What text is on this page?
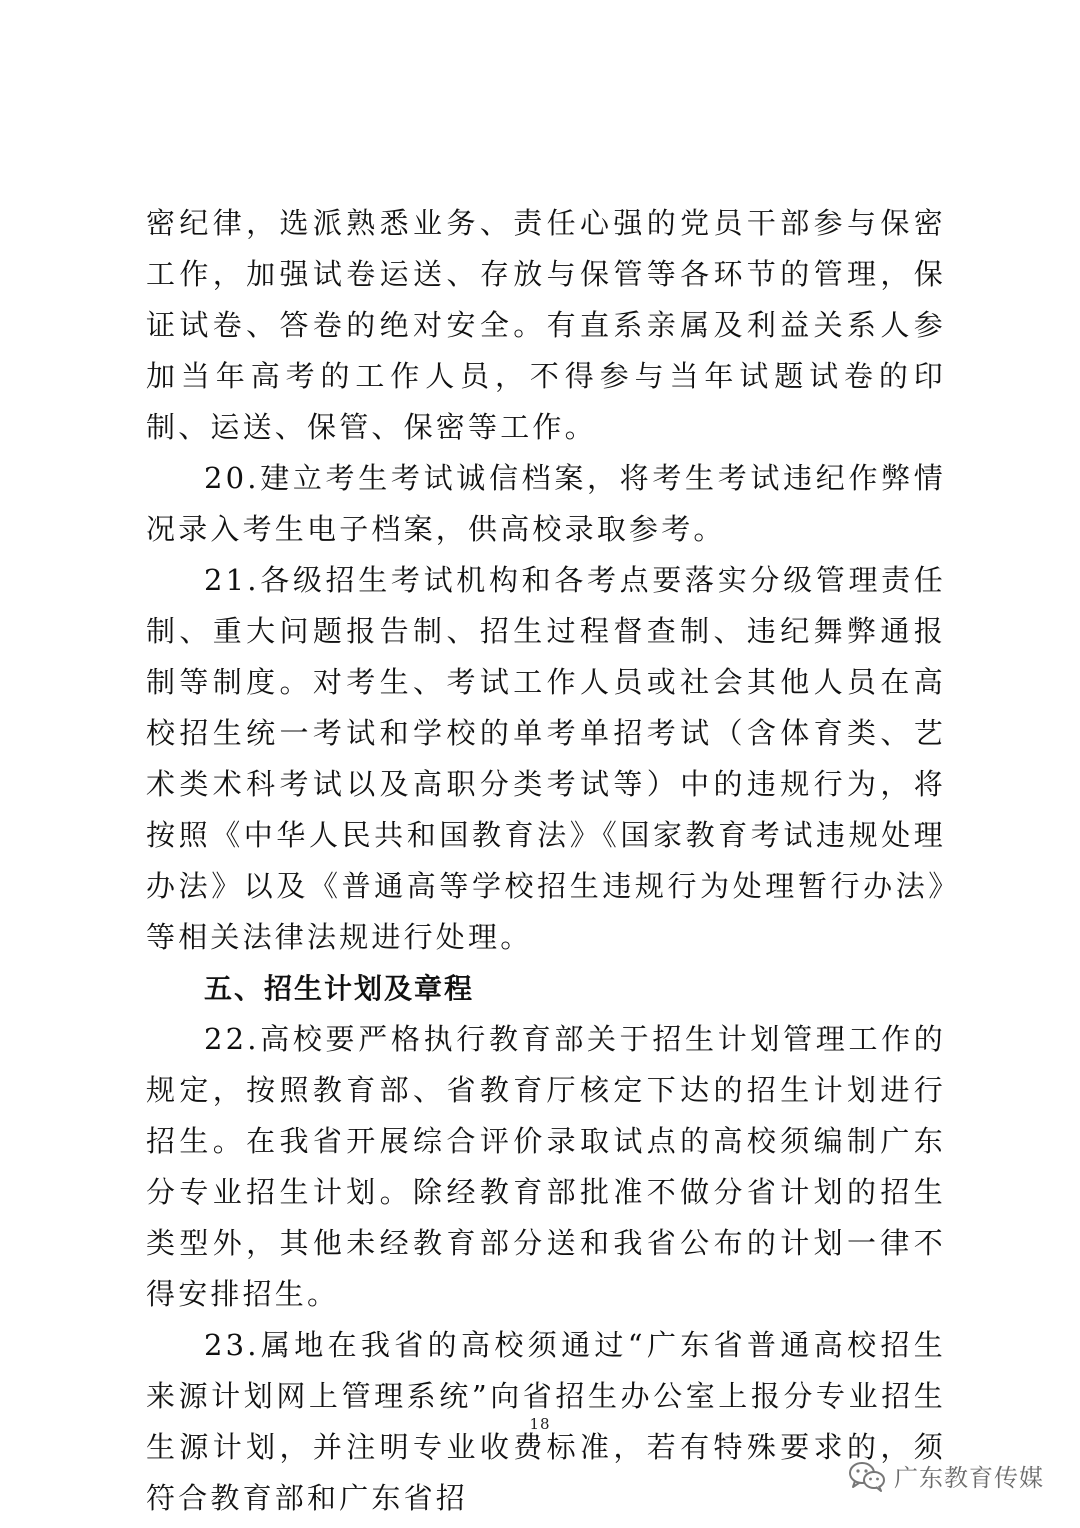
密纪律，选派熟悉业务、责任心强的党员干部参与保密工作，加强试卷运送、存放与保管等各环节的管理，保证试卷、答卷的绝对安全。有直系亲属及利益关系人参加当年高考的工作人员，不得参与当年试题试卷的印制、运送、保管、保密等工作。

20.建立考生考试诚信档案，将考生考试违纪作弊情况录入考生电子档案，供高校录取参考。

21.各级招生考试机构和各考点要落实分级管理责任制、重大问题报告制、招生过程督查制、违纪舞弊通报制等制度。对考生、考试工作人员或社会其他人员在高校招生统一考试和学校的单考单招考试（含体育类、艺术类术科考试以及高职分类考试等）中的违规行为，将按照《中华人民共和国教育法》《国家教育考试违规处理办法》以及《普通高等学校招生违规行为处理暂行办法》等相关法律法规进行处理。

五、招生计划及章程

22.高校要严格执行教育部关于招生计划管理工作的规定，按照教育部、省教育厅核定下达的招生计划进行招生。在我省开展综合评价录取试点的高校须编制广东分专业招生计划。除经教育部批准不做分省计划的招生类型外，其他未经教育部分送和我省公布的计划一律不得安排招生。

23.属地在我省的高校须通过“广东省普通高校招生来源计划网上管理系统”向省招生办公室上报分专业招生生源计划，并注明专业收费标准，若有特殊要求的，须符合教育部和广东省招

18
广东教育传媒
